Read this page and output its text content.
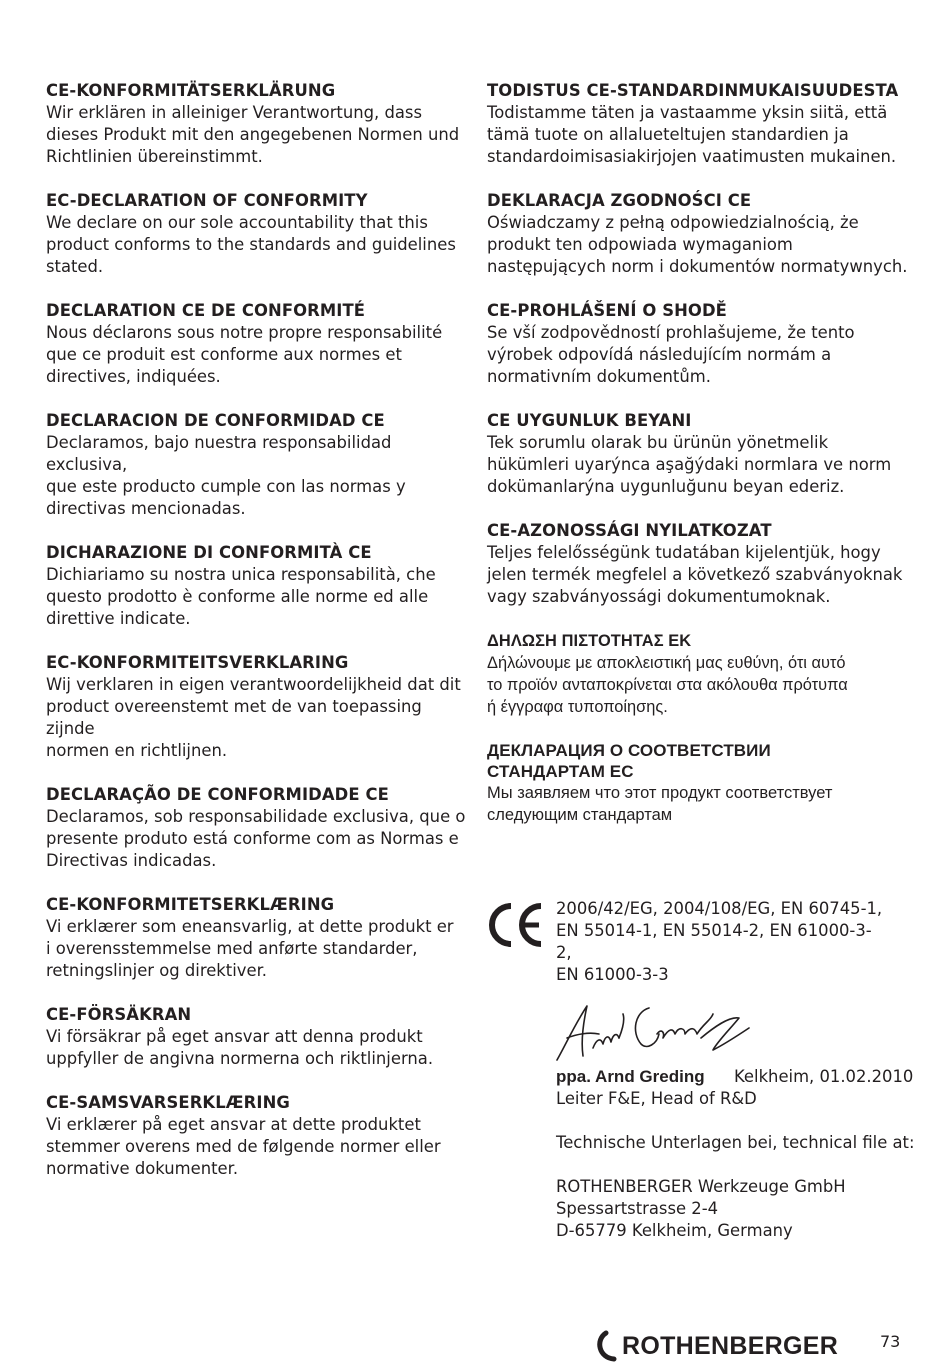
CE-KONFORMITÄTSERKLÄRUNG
Wir erklären in alleiniger Verantwortung, dass
dieses Produkt mit den angegebenen Normen und
Richtlinien übereinstimmt.
EC-DECLARATION OF CONFORMITY
We declare on our sole accountability that this
product conforms to the standards and guidelines
stated.
DECLARATION CE DE CONFORMITÉ
Nous déclarons sous notre propre responsabilité
que ce produit est conforme aux normes et
directives, indiquées.
DECLARACION DE CONFORMIDAD CE
Declaramos, bajo nuestra responsabilidad exclusiva,
que este producto cumple con las normas y
directivas mencionadas.
DICHARAZIONE DI CONFORMITÀ CE
Dichiariamo su nostra unica responsabilità, che
questo prodotto è conforme alle norme ed alle
direttive indicate.
EC-KONFORMITEITSVERKLARING
Wij verklaren in eigen verantwoordelijkheid dat dit
product overeenstemt met de van toepassing zijnde
normen en richtlijnen.
DECLARAÇÃO DE CONFORMIDADE CE
Declaramos, sob responsabilidade exclusiva, que o
presente produto está conforme com as Normas e
Directivas indicadas.
CE-KONFORMITETSERKLÆRING
Vi erklærer som eneansvarlig, at dette produkt er
i overensstemmelse med anførte standarder,
retningslinjer og direktiver.
CE-FÖRSÄKRAN
Vi försäkrar på eget ansvar att denna produkt
uppfyller de angivna normerna och riktlinjerna.
CE-SAMSVARSERKLÆRING
Vi erklærer på eget ansvar at dette produktet
stemmer overens med de følgende normer eller
normative dokumenter.
TODISTUS CE-STANDARDINMUKAISUUDESTA
Todistamme täten ja vastaamme yksin siitä, että
tämä tuote on allalueteltujen standardien ja
standardoimisasiakirjojen vaatimusten mukainen.
DEKLARACJA ZGODNOŚCI CE
Oświadczamy z pełną odpowiedzialnością, że
produkt ten odpowiada wymaganiom
następujących norm i dokumentów normatywnych.
CE-PROHLÁŠENÍ O SHODĚ
Se vší zodpovědností prohlašujeme, že tento
výrobek odpovídá následujícím normám a
normativním dokumentům.
CE UYGUNLUK BEYANI
Tek sorumlu olarak bu ürünün yönetmelik
hükümleri uyarýnca aşağýdaki normlara ve norm
dokümanlarýna uygunluğunu beyan ederiz.
CE-AZONOSSÁGI NYILATKOZAT
Teljes felelősségünk tudatában kijelentjük, hogy
jelen termék megfelel a következő szabványoknak
vagy szabványossági dokumentumoknak.
ΔΗΛΩΣΗ ΠΙΣΤΟΤΗΤΑΣ ΕΚ
Δήλώνουμε με αποκλειστική μας ευθύνη, ότι αυτό
το προϊόν ανταποκρίνεται στα ακόλουθα πρότυπα
ή έγγραφα τυποποίησης.
ДЕКЛАРАЦИЯ О СООТВЕТСТВИИ
СТАНДАРТАМ ЕС
Мы заявляем что этот продукт соответствует
следующим стандартам
2006/42/EG, 2004/108/EG, EN 60745-1,
EN 55014-1, EN 55014-2, EN 61000-3-2,
EN 61000-3-3
ppa. Arnd Greding Kelkheim, 01.02.2010
Leiter F&E, Head of R&D
Technische Unterlagen bei, technical file at:
ROTHENBERGER Werkzeuge GmbH
Spessartstrasse 2-4
D-65779 Kelkheim, Germany
ROTHENBERGER	73
